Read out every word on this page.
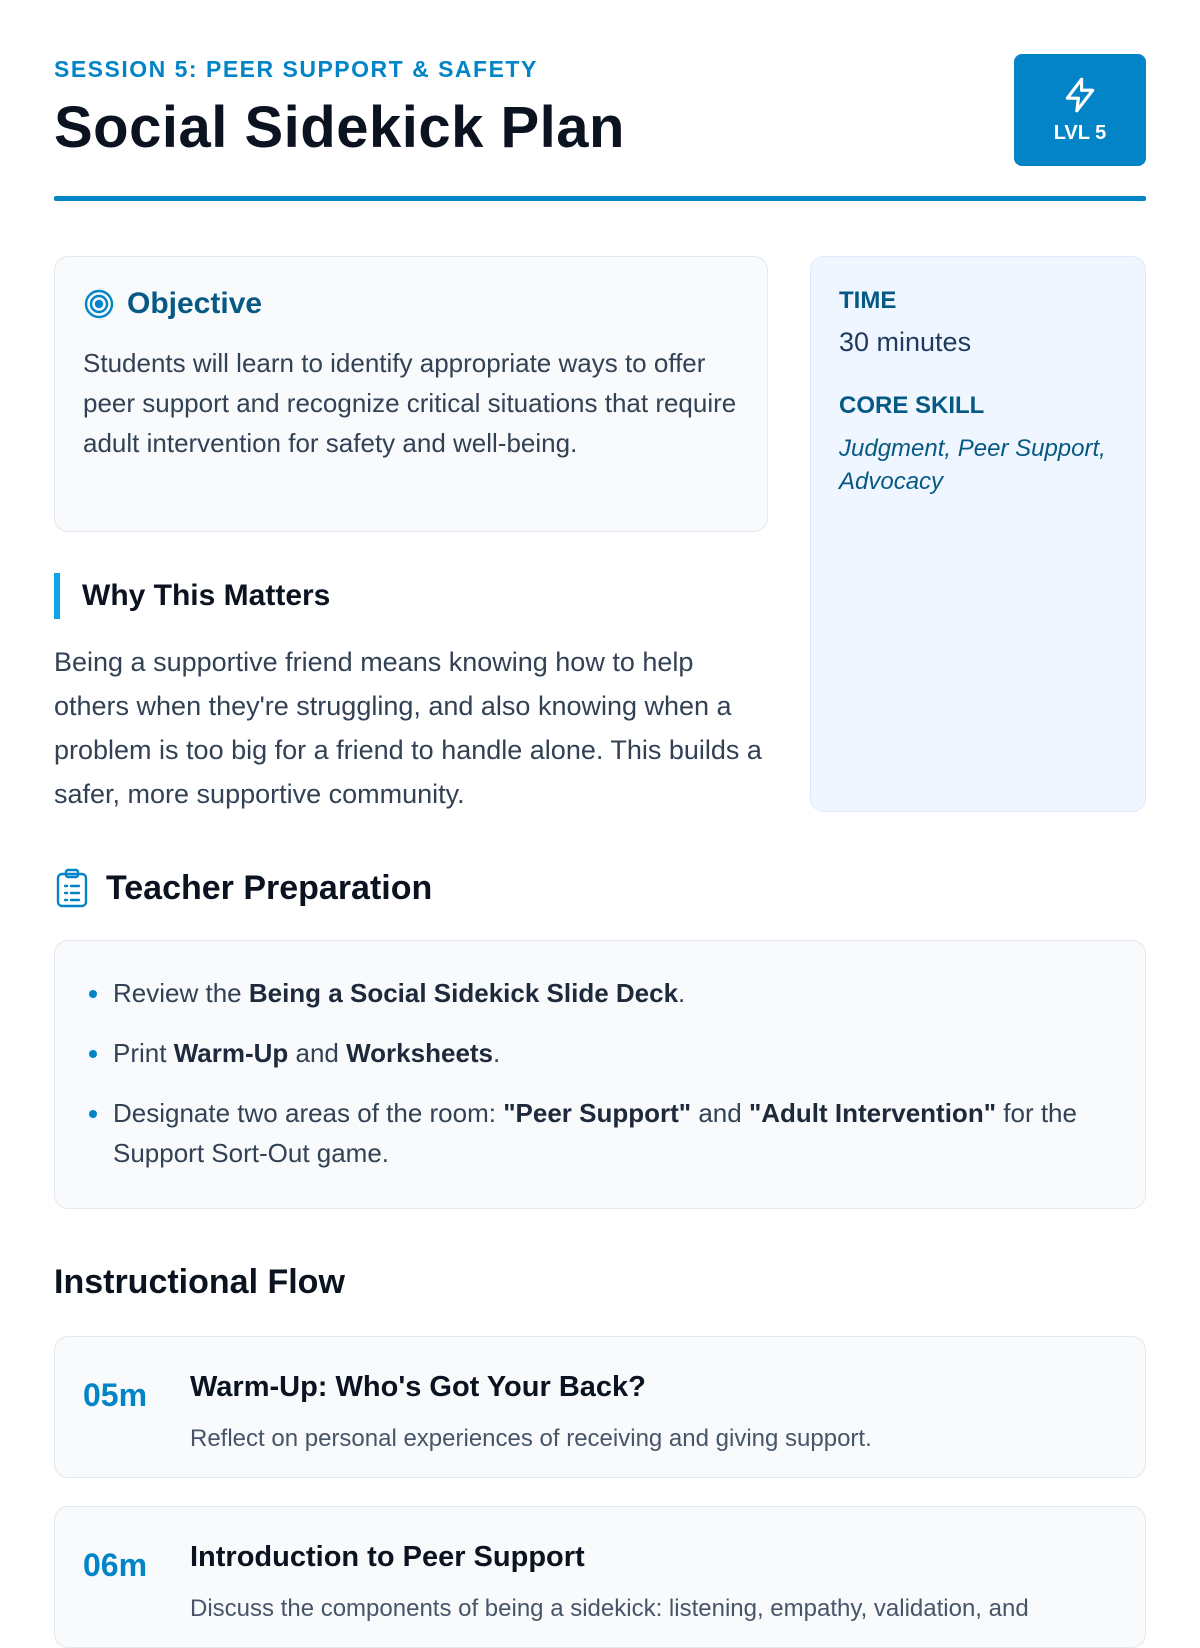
SESSION 5: PEER SUPPORT & SAFETY
Social Sidekick Plan	LVL 5
Objective

Students will learn to identify appropriate ways to offer peer support and recognize critical situations that require adult intervention for safety and well-being.

TIME
30 minutes
CORE SKILL
Judgment, Peer Support, Advocacy
Why This Matters

Being a supportive friend means knowing how to help others when they're struggling, and also knowing when a problem is too big for a friend to handle alone. This builds a safer, more supportive community.

Teacher Preparation
Review the Being a Social Sidekick Slide Deck.
Print Warm-Up and Worksheets.
Designate two areas of the room: "Peer Support" and "Adult Intervention" for the Support Sort-Out game.
Instructional Flow
05m Warm-Up: Who's Got Your Back?
Reflect on personal experiences of receiving and giving support.
06m Introduction to Peer Support
Discuss the components of being a sidekick: listening, empathy, validation, and
